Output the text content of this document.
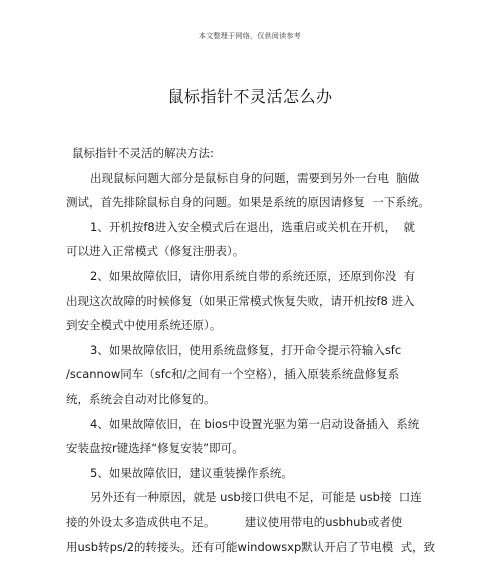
本文整理于网络，仅供阅读参考
鼠标指针不灵活怎么办
鼠标指针不灵活的解决方法:
出现鼠标问题大部分是鼠标自身的问题，需要到另外一台电  脑做
测试，首先排除鼠标自身的问题。如果是系统的原因请修复  一下系统。
1、开机按f8进入安全模式后在退出，选重启或关机在开机，  就
可以进入正常模式（修复注册表）。
2、如果故障依旧，请你用系统自带的系统还原，还原到你没  有
出现这次故障的时候修复（如果正常模式恢复失败，请开机按f8 进入
到安全模式中使用系统还原）。
3、如果故障依旧，使用系统盘修复，打开命令提示符输入sfc
/scannow同车（sfc和/之间有一个空格），插入原装系统盘修复系
统，系统会自动对比修复的。
4、如果故障依旧，在 bios中设置光驱为第一启动设备插入  系统
安装盘按r键选择“修复安装”即可。
5、如果故障依旧，建议重装操作系统。
另外还有一种原因，就是 usb接口供电不足，可能是 usb接  口连
接的外设太多造成供电不足。        建议使用带电的usbhub或者使
用usb转ps/2的转接头。还有可能windowsxp默认开启了节电模  式，致
